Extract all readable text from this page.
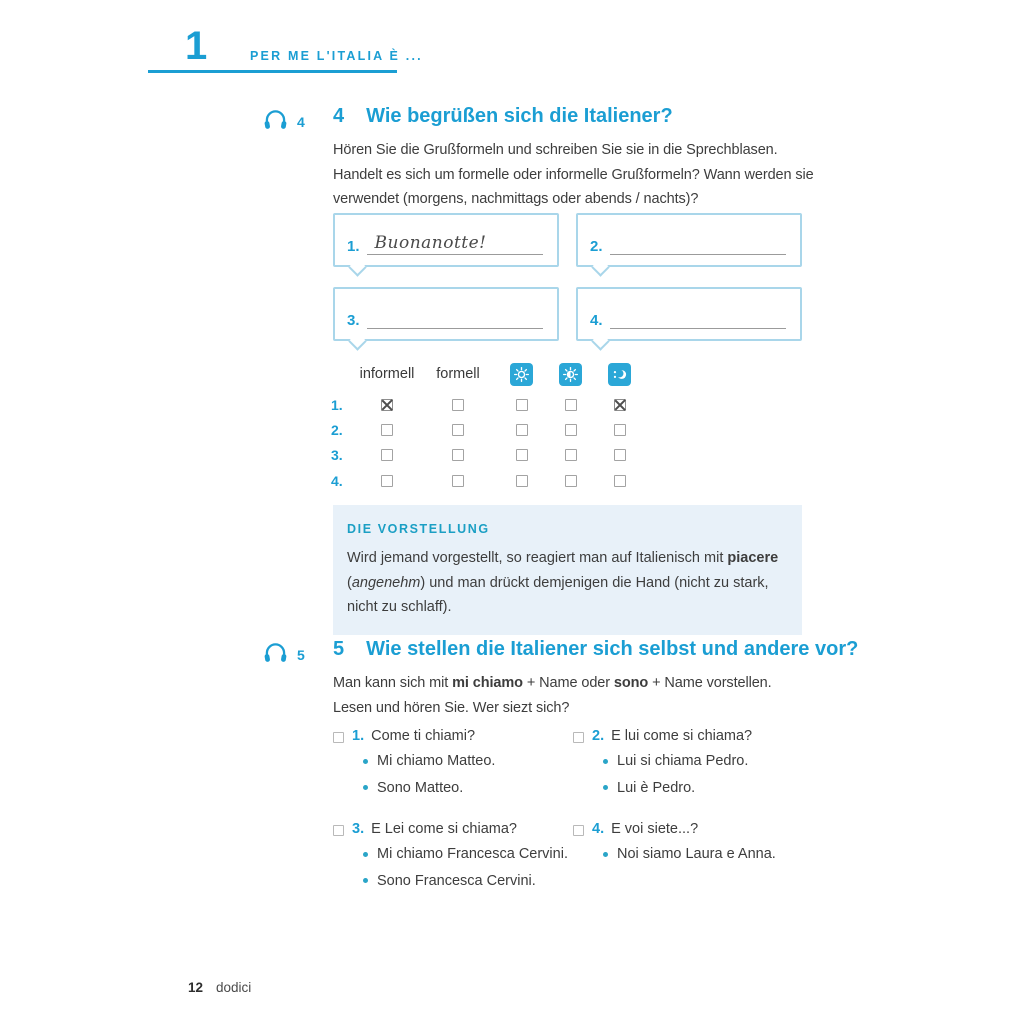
1	PER ME L'ITALIA È ...
4 4 Wie begrüßen sich die Italiener?

Hören Sie die Grußformeln und schreiben Sie sie in die Sprechblasen. Handelt es sich um formelle oder informelle Grußformeln? Wann werden sie verwendet (morgens, nachmittags oder abends / nachts)?

1. Buonanotte!	2.
3.	4.
informell formell
1.
2.
3.
4.
DIE VORSTELLUNG
Wird jemand vorgestellt, so reagiert man auf Italienisch mit piacere (angenehm) und man drückt demjenigen die Hand (nicht zu stark, nicht zu schlaff).
5 5 Wie stellen die Italiener sich selbst und andere vor?
Man kann sich mit mi chiamo + Name oder sono + Name vorstellen.
Lesen und hören Sie. Wer siezt sich?
1. Come ti chiami?
Mi chiamo Matteo.
Sono Matteo.
2. E lui come si chiama?
Lui si chiama Pedro.
Lui è Pedro.
3. E Lei come si chiama?
Mi chiamo Francesca Cervini.
Sono Francesca Cervini.
4. E voi siete...?
Noi siamo Laura e Anna.
12 dodici
